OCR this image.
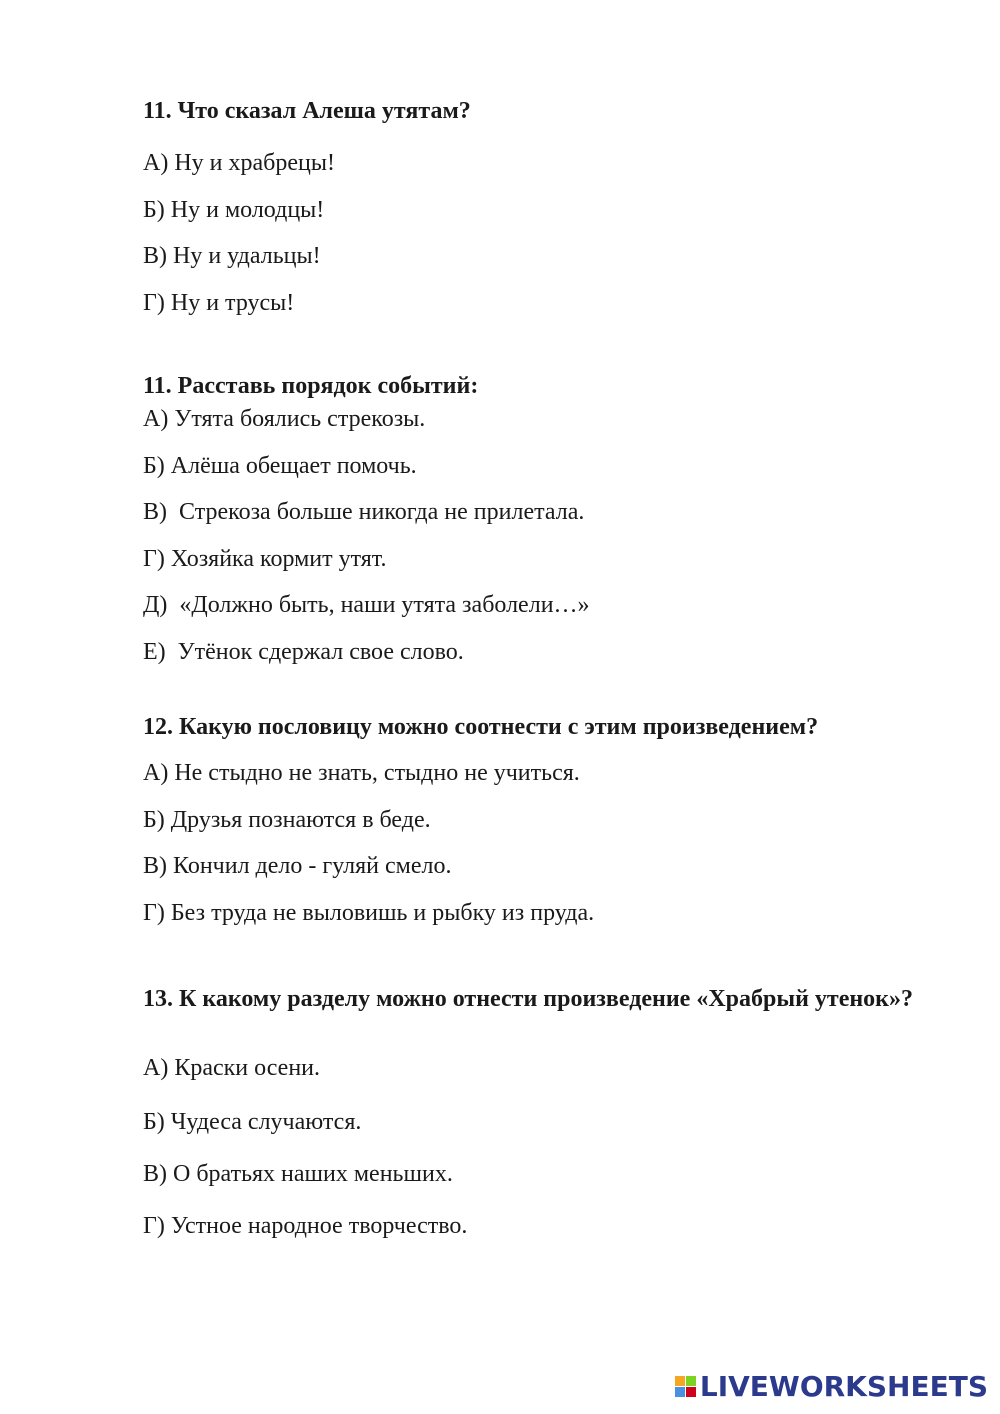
11. Что сказал Алеша утятам?
А) Ну и храбрецы!
Б) Ну и молодцы!
В) Ну и удальцы!
Г) Ну и трусы!
11. Расставь порядок событий:
А) Утята боялись стрекозы.
Б) Алёша обещает помочь.
В)  Стрекоза больше никогда не прилетала.
Г) Хозяйка кормит утят.
Д)  «Должно быть, наши утята заболели…»
Е)  Утёнок сдержал свое слово.
12. Какую пословицу можно соотнести с этим произведением?
А) Не стыдно не знать, стыдно не учиться.
Б) Друзья познаются в беде.
В) Кончил дело - гуляй смело.
Г) Без труда не выловишь и рыбку из пруда.
13. К какому разделу можно отнести произведение «Храбрый утенок»?
А) Краски осени.
Б) Чудеса случаются.
В) О братьях наших меньших.
Г) Устное народное творчество.
LIVEWORKSHEETS
